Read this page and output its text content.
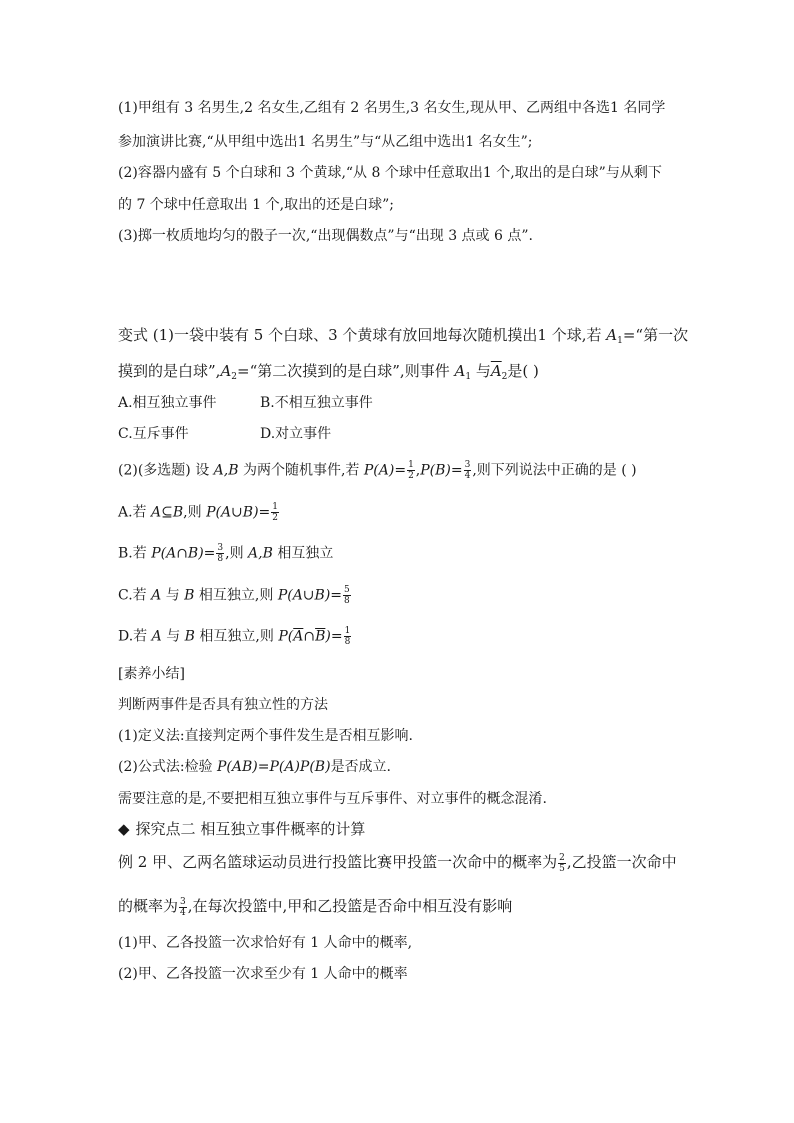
(1)甲组有 3 名男生,2 名女生,乙组有 2 名男生,3 名女生,现从甲、乙两组中各选1 名同学
参加演讲比赛,“从甲组中选出1 名男生”与“从乙组中选出1 名女生”;
(2)容器内盛有 5 个白球和 3 个黄球,“从 8 个球中任意取出1 个,取出的是白球”与从剩下
的 7 个球中任意取出 1 个,取出的还是白球”;
(3)掷一枚质地均匀的骰子一次,“出现偶数点”与“出现 3 点或 6 点”.
变式 (1)一袋中装有 5 个白球、3 个黄球有放回地每次随机摸出1 个球,若 $A_1=“$第一次
摸到的是白球$”,A_2=“$第二次摸到的是白球”,则事件 $A_1$ 与$\overline{A}_2$是( )
A.相互独立事件	B.不相互独立事件
C.互斥事件	D.对立事件
(2)(多选题) 设 A,B 为两个随机事件,若 $P(A)= \frac{1}{2} ,P(B)= \frac{3}{4}$ ,则下列说法中正确的是 ( )
A.若 A⊆B,则 P(A∪B)= $\frac{1}{2}$
B.若 P(A∩B)= $\frac{3}{8}$ ,则 A,B 相互独立
C.若 A 与 B 相互独立,则 P(A∪B)= $\frac{5}{8}$
D.若 A 与 B 相互独立,则 $P(\overline{A}\cap\overline{B})= \frac{1}{8}$
[素养小结]
判断两事件是否具有独立性的方法
(1)定义法:直接判定两个事件发生是否相互影响.
(2)公式法:检验 P(AB)=P(A)P(B)是否成立.
需要注意的是,不要把相互独立事件与互斥事件、对立事件的概念混淆.
◆ 探究点二 相互独立事件概率的计算
例 2 甲、乙两名篮球运动员进行投篮比赛甲投篮一次命中的概率为 $\frac{2}{5}$ ,乙投篮一次命中
的概率为 $\frac{3}{4}$ ,在每次投篮中,甲和乙投篮是否命中相互没有影响
(1)甲、乙各投篮一次求恰好有 1 人命中的概率,
(2)甲、乙各投篮一次求至少有 1 人命中的概率
